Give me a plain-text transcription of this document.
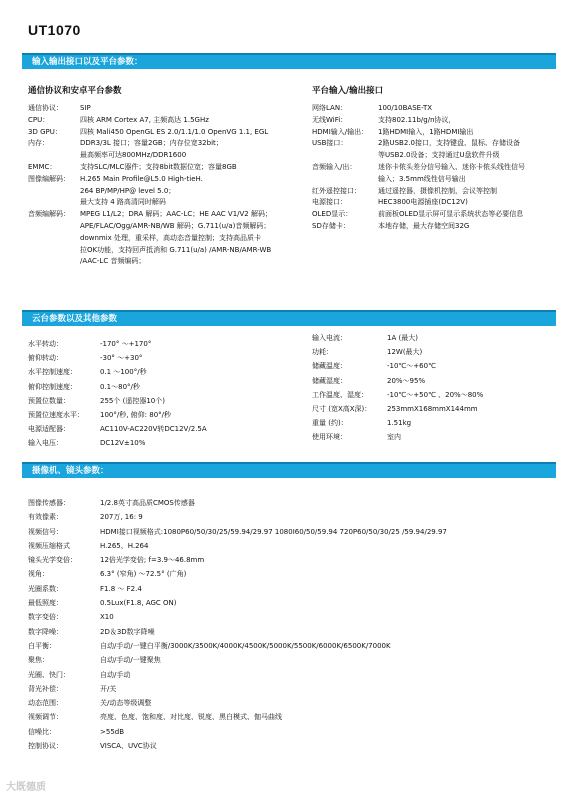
UT1070
输入输出接口以及平台参数：
通信协议和安卓平台参数
通信协议：	SIP
CPU：	四核 ARM Cortex A7, 主频高达 1.5GHz
3D GPU：	四核 Mali450 OpenGL ES 2.0/1.1/1.0 OpenVG 1.1, EGL
内存：	DDR3/3L 接口；容量2GB；内存位宽32bit；
最高频率可达800MHz/DDR1600
EMMC：	支持SLC/MLC器件；支持8bit数据位宽；容量8GB
图像编解码：	H.265 Main Profile@L5.0 High-tieH.
264 BP/MP/HP@ level 5.0；
最大支持 4 路高清同时解码
音频编解码：	MPEG L1/L2；DRA 解码；AAC-LC；HE AAC V1/V2 解码；
APE/FLAC/Ogg/AMR-NB/WB 解码；G.711(u/a)音频解码；
downmix 处理，重采样，高动态音量控制；支持高品质卡
拉OK功能，支持回声抵消和 G.711(u/a) /AMR-NB/AMR-WB
/AAC-LC 音频编码；
平台输入/输出接口
网络LAN：	100/10BASE-TX
无线WiFi：	支持802.11b/g/n协议，
HDMI输入/输出：	1路HDMI输入，1路HDMI输出
USB接口：	2路USB2.0接口，支持键盘、鼠标、存储设备
等USB2.0设备；支持通过U盘软件升级
音频输入/出：	迷你卡侬头差分信号输入、迷你卡侬头线性信号
输入；3.5mm线性信号输出
红外遥控接口：	通过遥控器，摄像机控制，会议等控制
电源接口：	HEC3800电源插座(DC12V)
OLED显示：	前面板OLED显示屏可显示系统状态等必要信息
SD存储卡：	本地存储，最大存储空间32G
云台参数以及其他参数
水平转动：	-170° ～+170°
俯仰转动：	-30° ～+30°
水平控制速度：	0.1 ～100°/秒
俯仰控制速度：	0.1～80°/秒
预置位数量：	255个 (遥控器10个)
预置位速度水平：	100°/秒, 俯仰: 80°/秒
电源适配器：	AC110V-AC220V转DC12V/2.5A
输入电压：	DC12V±10%
输入电流：	1A (最大)
功耗：	12W(最大)
储藏温度：	-10℃～+60℃
储藏湿度：	20%～95%
工作温度、湿度：	-10℃～+50℃ 、20%～80%
尺寸 (宽X高X深)：	253mmX168mmX144mm
重量 (约)：	1.51kg
使用环境：	室内
摄像机、镜头参数：
图像传感器：	1/2.8英寸高品质CMOS传感器
有效像素：	207万, 16: 9
视频信号：	HDMI接口视频格式:1080P60/50/30/25/59.94/29.97 1080I60/50/59.94 720P60/50/30/25 /59.94/29.97
视频压缩格式	H.265、H.264
镜头光学变倍：	12倍光学变倍; f=3.9～46.8mm
视角：	6.3° (窄角) ～72.5° (广角)
光圈系数：	F1.8 ～ F2.4
最低照度：	0.5Lux(F1.8, AGC ON)
数字变倍：	X10
数字降噪：	2D＆3D数字降噪
白平衡：	自动/手动/一键白平衡/3000K/3500K/4000K/4500K/5000K/5500K/6000K/6500K/7000K
聚焦：	自动/手动/一键聚焦
光圈、快门：	自动/手动
背光补偿：	开/关
动态范围：	关/动态等级调整
视频调节：	亮度、色度、饱和度、对比度、锐度、黑白模式、伽马曲线
信噪比：	>55dB
控制协议：	VISCA、UVC协议
大既德质
